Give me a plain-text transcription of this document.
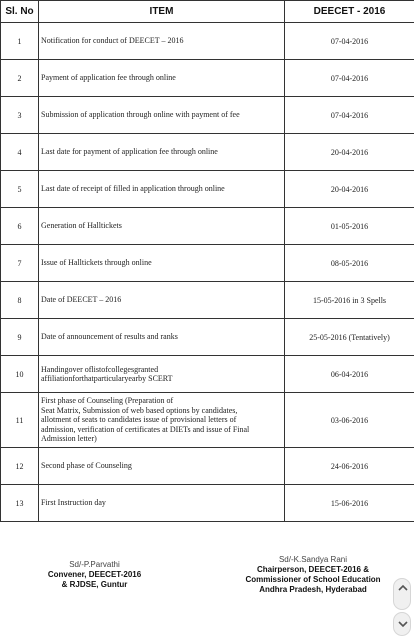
Sl. No	ITEM	DEECET - 2016
1	Notification for conduct of DEECET – 2016	07-04-2016
2	Payment of application fee through online	07-04-2016
3	Submission of application through online with payment of fee	07-04-2016
4	Last date for payment of application fee through online	20-04-2016
5	Last date of receipt of filled in application through online	20-04-2016
6	Generation of Halltickets	01-05-2016
7	Issue of Halltickets through online	08-05-2016
8	Date of DEECET – 2016	15-05-2016 in 3 Spells
9	Date of announcement of results and ranks	25-05-2016 (Tentatively)
10	Handingover oflistofcollegesgranted
affiliationforthatparticularyearby SCERT	06-04-2016
11	First phase of Counseling (Preparation of
Seat Matrix, Submission of web based options by candidates,
allotment of seats to candidates issue of provisional letters of
admission, verification of certificates at DIETs and issue of Final
Admission letter)	03-06-2016
12	Second phase of Counseling	24-06-2016
13	First Instruction day	15-06-2016
Sd/-P.Parvathi
Convener, DEECET-2016
& RJDSE, Guntur
Sd/-K.Sandya Rani
Chairperson, DEECET-2016 &
Commissioner of School Education
Andhra Pradesh, Hyderabad
